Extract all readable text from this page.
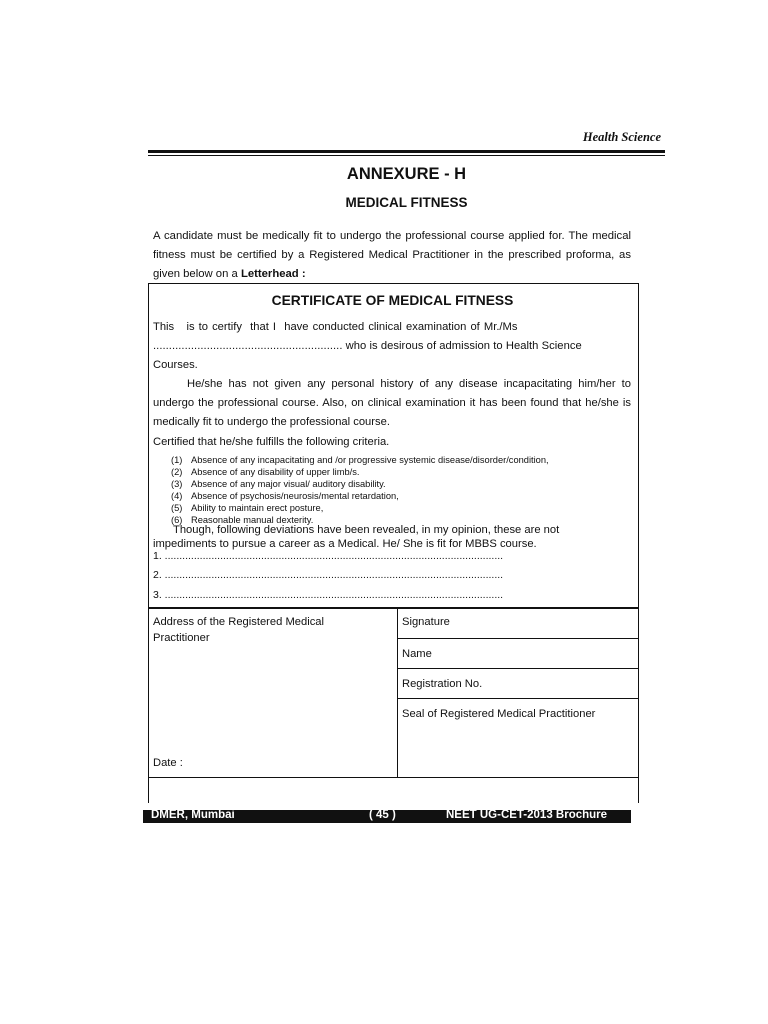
Health Science
ANNEXURE - H
MEDICAL FITNESS
A candidate must be medically fit to undergo the professional course applied for. The medical fitness must be certified by a Registered Medical Practitioner in the prescribed proforma, as given below on a Letterhead :
CERTIFICATE OF MEDICAL FITNESS
This   is to certify  that I  have conducted clinical examination of Mr./Ms
............................................................ who is desirous of admission to Health Science
Courses.
He/she has not given any personal history of any disease incapacitating him/her to undergo the professional course. Also, on clinical examination it has been found that he/she is medically fit to undergo the professional course.
Certified that he/she fulfills the following criteria.
(1) Absence of any incapacitating and /or progressive systemic disease/disorder/condition,
(2) Absence of any disability of upper limb/s.
(3) Absence of any major visual/ auditory disability.
(4) Absence of psychosis/neurosis/mental retardation,
(5) Ability to maintain erect posture,
(6) Reasonable manual dexterity.
Though, following deviations have been revealed, in my opinion, these are not
impediments to pursue a career as a Medical. He/ She is fit for MBBS course.
1. ....................................................................................................................
2. ....................................................................................................................
3. ....................................................................................................................
Address of the Registered Medical Practitioner
Date :
Signature
Name
Registration No.
Seal of Registered Medical Practitioner
DMER, Mumbai	( 45 )	NEET UG-CET-2013 Brochure
